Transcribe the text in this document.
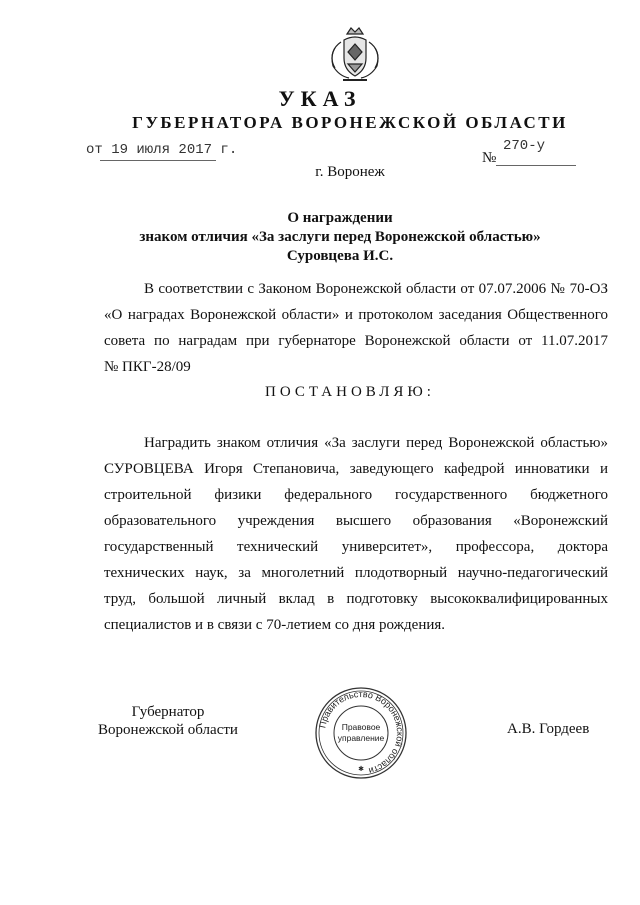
УКАЗ
ГУБЕРНАТОРА ВОРОНЕЖСКОЙ ОБЛАСТИ
от 19 июля 2017 г.	№
270-у
г. Воронеж
О награждении
знаком отличия «За заслуги перед Воронежской областью»
Суровцева И.С.
В соответствии с Законом Воронежской области от 07.07.2006 № 70-ОЗ
«О наградах Воронежской области» и протоколом заседания Общественного
совета по наградам при губернаторе Воронежской области от 11.07.2017
№ ПКГ-28/09
ПОСТАНОВЛЯЮ:
Наградить знаком отличия «За заслуги перед Воронежской областью»
СУРОВЦЕВА Игоря Степановича, заведующего кафедрой инноватики и
строительной физики федерального государственного бюджетного
образовательного учреждения высшего образования «Воронежский
государственный технический университет», профессора, доктора
технических наук, за многолетний плодотворный научно-педагогический
труд, большой личный вклад в подготовку высококвалифицированных
специалистов и в связи с 70-летием со дня рождения.
Губернатор
Воронежской области	Правительство Воронежской области
Правовое
управление
✱
А.В. Гордеев
